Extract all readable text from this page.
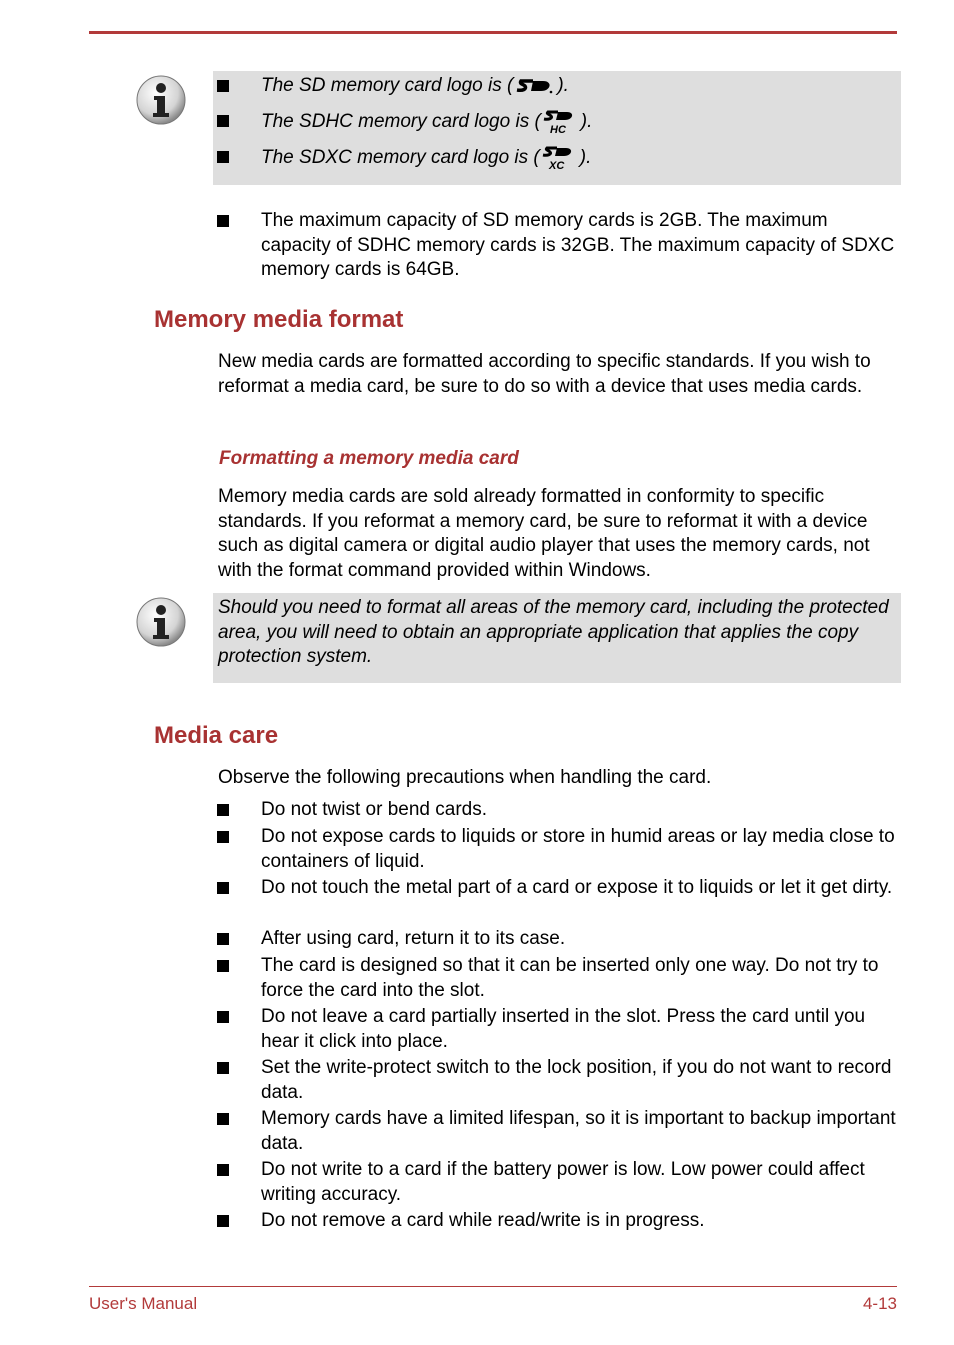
The SD memory card logo is ( ).
The SDHC memory card logo is ( HC ).
The SDXC memory card logo is ( XC ).
The maximum capacity of SD memory cards is 2GB. The maximum capacity of SDHC memory cards is 32GB. The maximum capacity of SDXC memory cards is 64GB.
Memory media format
New media cards are formatted according to specific standards. If you wish to reformat a media card, be sure to do so with a device that uses media cards.
Formatting a memory media card
Memory media cards are sold already formatted in conformity to specific standards. If you reformat a memory card, be sure to reformat it with a device such as digital camera or digital audio player that uses the memory cards, not with the format command provided within Windows.
Should you need to format all areas of the memory card, including the protected area, you will need to obtain an appropriate application that applies the copy protection system.
Media care
Observe the following precautions when handling the card.
Do not twist or bend cards.
Do not expose cards to liquids or store in humid areas or lay media close to containers of liquid.
Do not touch the metal part of a card or expose it to liquids or let it get dirty.
After using card, return it to its case.
The card is designed so that it can be inserted only one way. Do not try to force the card into the slot.
Do not leave a card partially inserted in the slot. Press the card until you hear it click into place.
Set the write-protect switch to the lock position, if you do not want to record data.
Memory cards have a limited lifespan, so it is important to backup important data.
Do not write to a card if the battery power is low. Low power could affect writing accuracy.
Do not remove a card while read/write is in progress.
User's Manual	4-13
